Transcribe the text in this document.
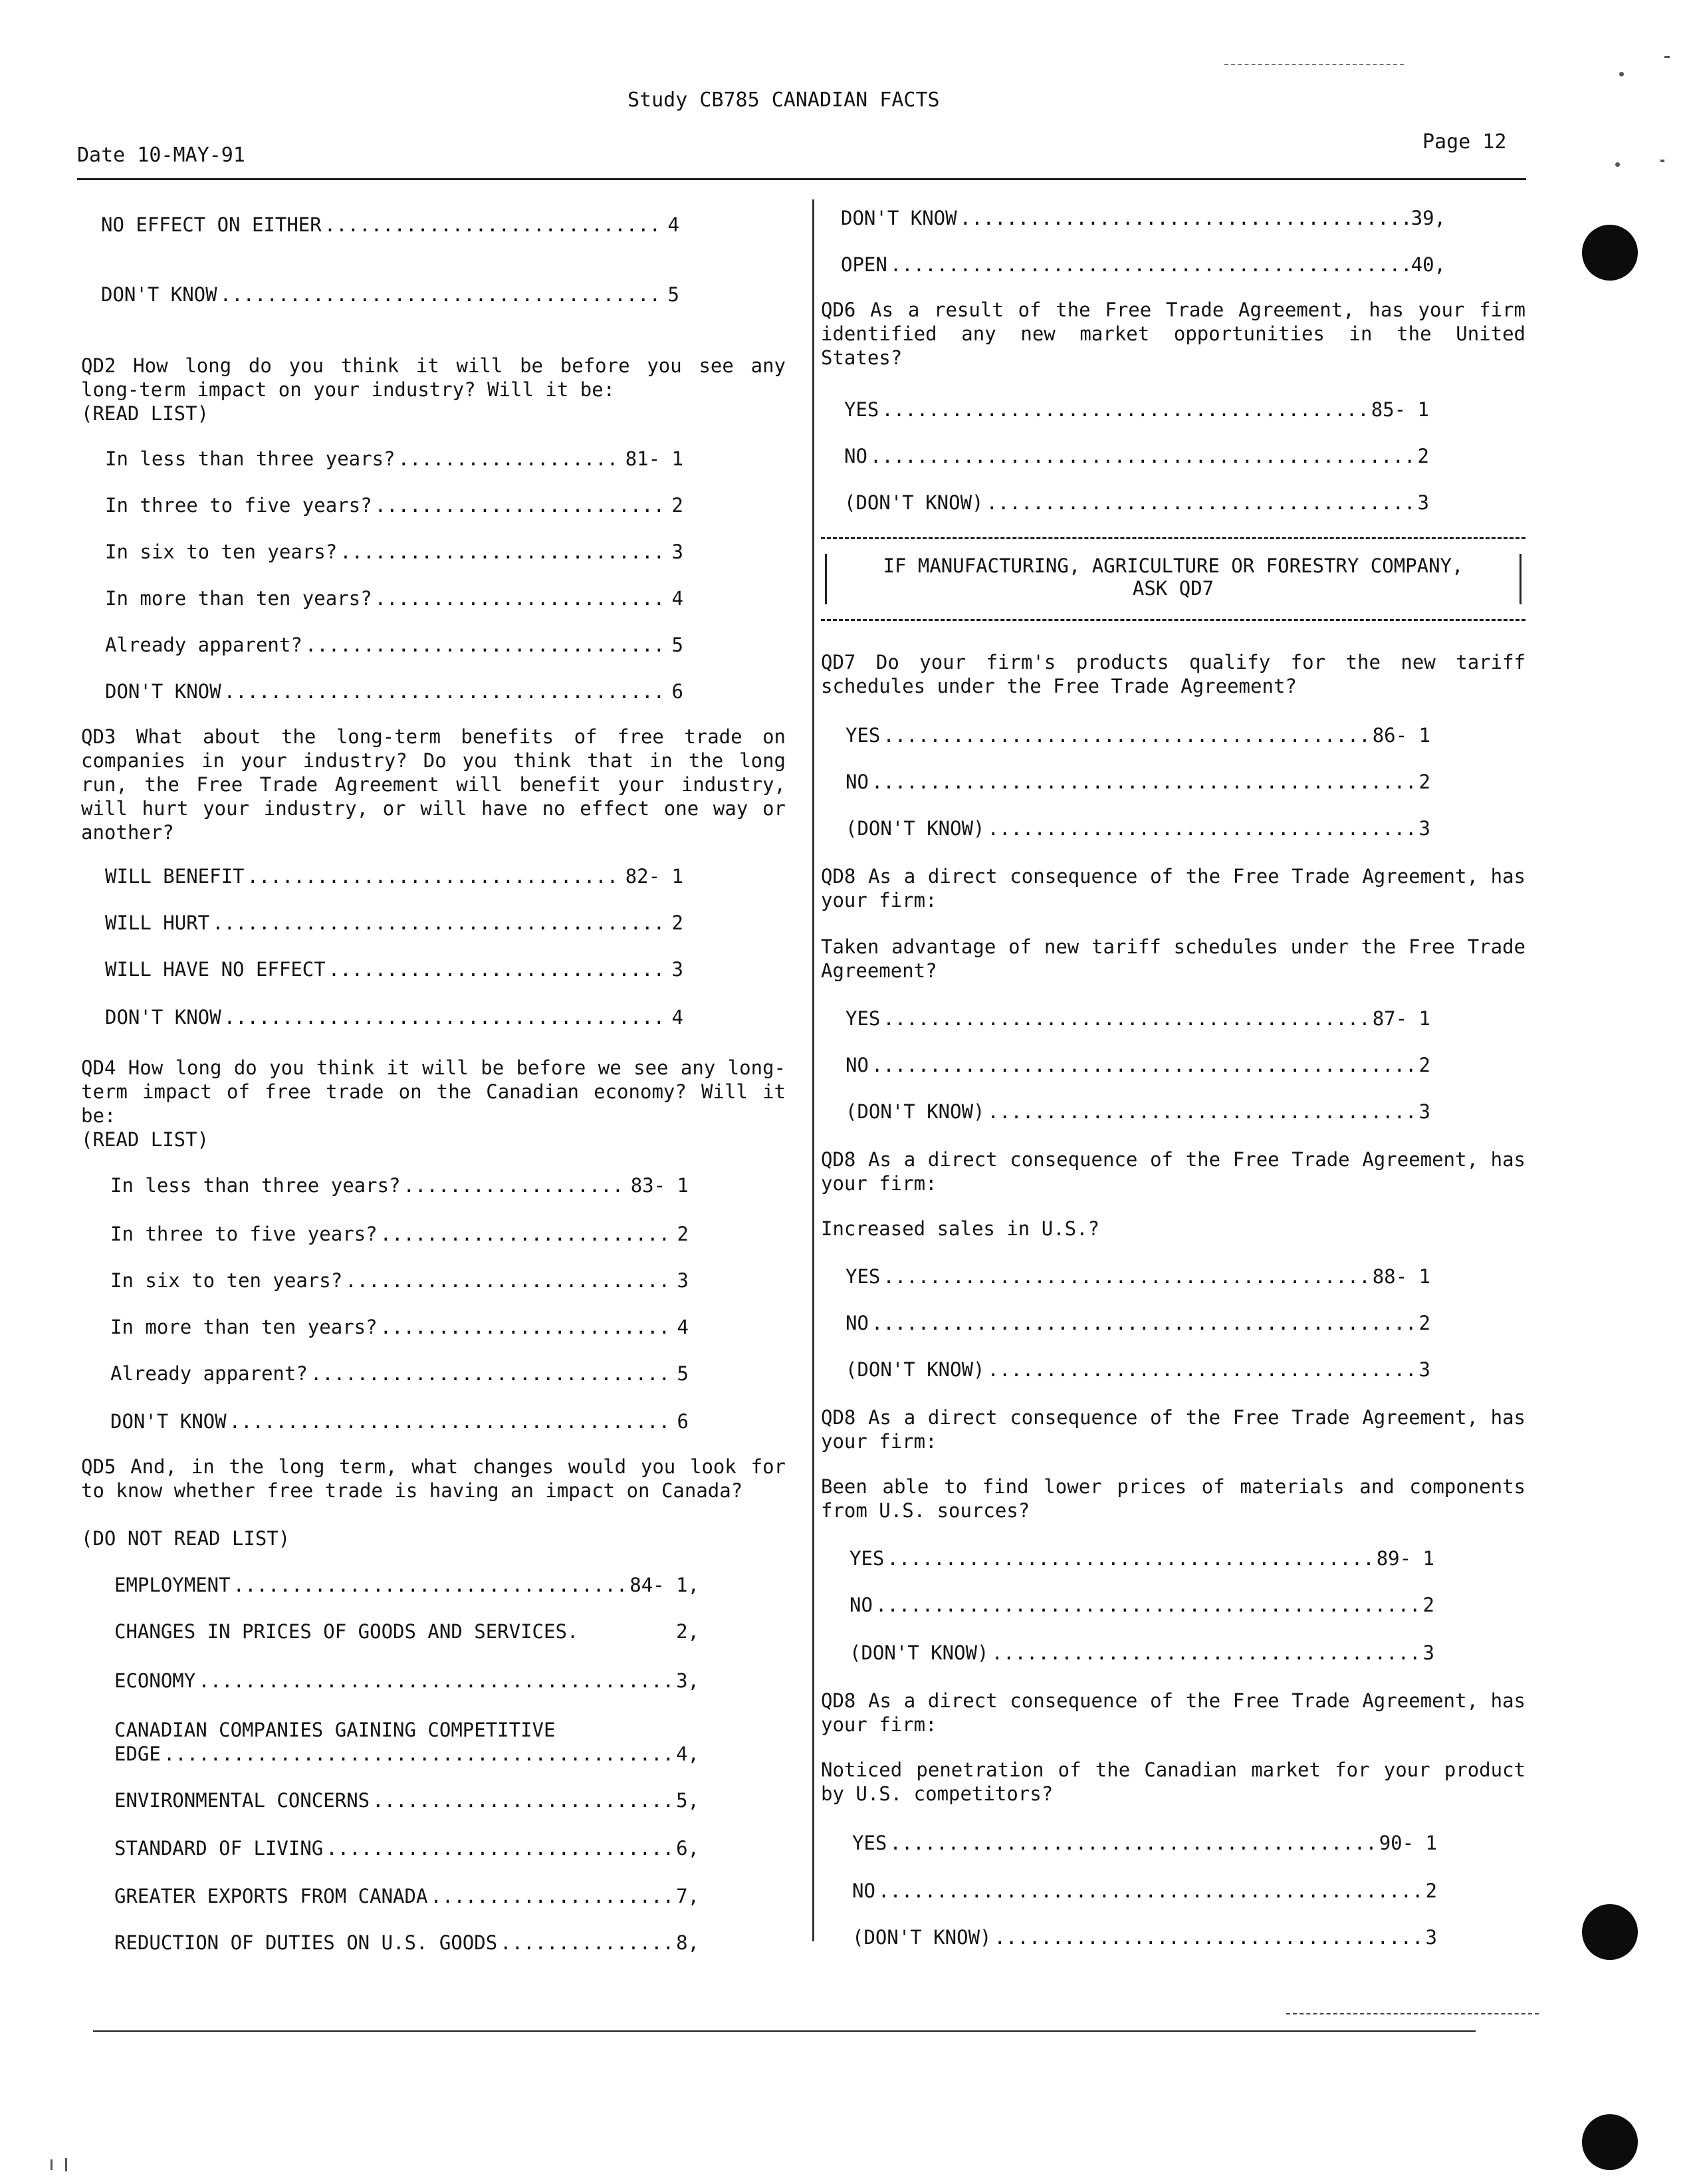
Study CB785 CANADIAN FACTS
Date 10-MAY-91
Page 12
NO EFFECT ON EITHER .....	4
DON'T KNOW .....	5
QD2 How long do you think it will be before you see any long-term impact on your industry? Will it be:
(READ LIST)
In less than three years? .....	81- 1
In three to five years? .....	2
In six to ten years? .....	3
In more than ten years? .....	4
Already apparent? .....	5
DON'T KNOW .....	6
QD3 What about the long-term benefits of free trade on companies in your industry? Do you think that in the long run, the Free Trade Agreement will benefit your industry, will hurt your industry, or will have no effect one way or another?
WILL BENEFIT .....	82- 1
WILL HURT .....	2
WILL HAVE NO EFFECT .....	3
DON'T KNOW .....	4
QD4 How long do you think it will be before we see any long-term impact of free trade on the Canadian economy? Will it be:
(READ LIST)
In less than three years? .....	83- 1
In three to five years? .....	2
In six to ten years? .....	3
In more than ten years? .....	4
Already apparent? .....	5
DON'T KNOW .....	6
QD5 And, in the long term, what changes would you look for to know whether free trade is having an impact on Canada?
(DO NOT READ LIST)
EMPLOYMENT .....	84- 1,
CHANGES IN PRICES OF GOODS AND SERVICES.	2,
ECONOMY .....	3,
CANADIAN COMPANIES GAINING COMPETITIVE
EDGE .....	4,
ENVIRONMENTAL CONCERNS .....	5,
STANDARD OF LIVING .....	6,
GREATER EXPORTS FROM CANADA .....	7,
REDUCTION OF DUTIES ON U.S. GOODS .....	8,
DON'T KNOW .....	39,
OPEN .....	40,
QD6 As a result of the Free Trade Agreement, has your firm identified any new market opportunities in the United States?
YES .....	85- 1
NO .....	2
(DON'T KNOW) .....	3
IF MANUFACTURING, AGRICULTURE OR FORESTRY COMPANY,
ASK QD7
QD7 Do your firm's products qualify for the new tariff schedules under the Free Trade Agreement?
YES .....	86- 1
NO .....	2
(DON'T KNOW) .....	3
QD8 As a direct consequence of the Free Trade Agreement, has your firm:
Taken advantage of new tariff schedules under the Free Trade Agreement?
YES .....	87- 1
NO .....	2
(DON'T KNOW) .....	3
QD8 As a direct consequence of the Free Trade Agreement, has your firm:
Increased sales in U.S.?
YES .....	88- 1
NO .....	2
(DON'T KNOW) .....	3
QD8 As a direct consequence of the Free Trade Agreement, has your firm:
Been able to find lower prices of materials and components from U.S. sources?
YES .....	89- 1
NO .....	2
(DON'T KNOW) .....	3
QD8 As a direct consequence of the Free Trade Agreement, has your firm:
Noticed penetration of the Canadian market for your product by U.S. competitors?
YES .....	90- 1
NO .....	2
(DON'T KNOW) .....	3
